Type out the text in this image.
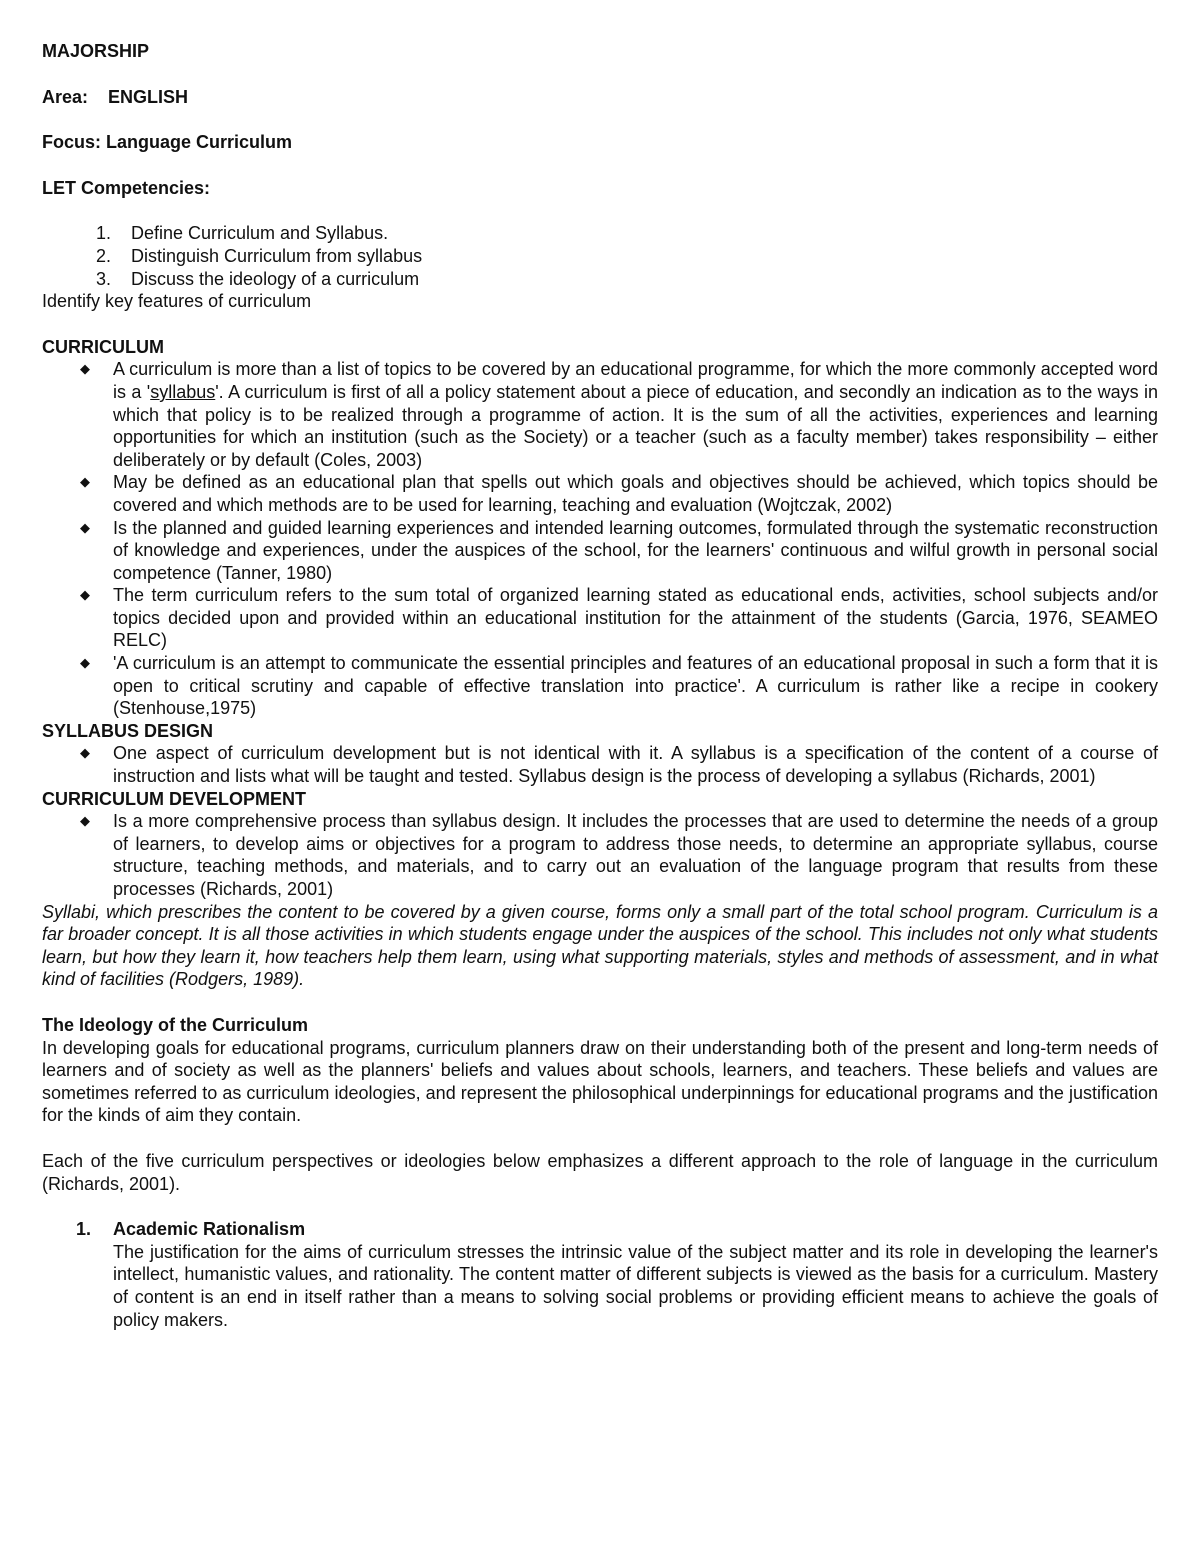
MAJORSHIP

Area: ENGLISH

Focus: Language Curriculum

LET Competencies:

1.	Define Curriculum and Syllabus.
2.	Distinguish Curriculum from syllabus
3.	Discuss the ideology of a curriculum

Identify key features of curriculum

CURRICULUM

◆	A curriculum is more than a list of topics to be covered by an educational programme, for which the more commonly accepted word is a 'syllabus'. A curriculum is first of all a policy statement about a piece of education, and secondly an indication as to the ways in which that policy is to be realized through a programme of action. It is the sum of all the activities, experiences and learning opportunities for which an institution (such as the Society) or a teacher (such as a faculty member) takes responsibility – either deliberately or by default (Coles, 2003)
◆	May be defined as an educational plan that spells out which goals and objectives should be achieved, which topics should be covered and which methods are to be used for learning, teaching and evaluation (Wojtczak, 2002)
◆	Is the planned and guided learning experiences and intended learning outcomes, formulated through the systematic reconstruction of knowledge and experiences, under the auspices of the school, for the learners' continuous and wilful growth in personal social competence (Tanner, 1980)
◆	The term curriculum refers to the sum total of organized learning stated as educational ends, activities, school subjects and/or topics decided upon and provided within an educational institution for the attainment of the students (Garcia, 1976, SEAMEO RELC)
◆	'A curriculum is an attempt to communicate the essential principles and features of an educational proposal in such a form that it is open to critical scrutiny and capable of effective translation into practice'. A curriculum is rather like a recipe in cookery (Stenhouse,1975)

SYLLABUS DESIGN

◆	One aspect of curriculum development but is not identical with it. A syllabus is a specification of the content of a course of instruction and lists what will be taught and tested. Syllabus design is the process of developing a syllabus (Richards, 2001)

CURRICULUM DEVELOPMENT

◆	Is a more comprehensive process than syllabus design. It includes the processes that are used to determine the needs of a group of learners, to develop aims or objectives for a program to address those needs, to determine an appropriate syllabus, course structure, teaching methods, and materials, and to carry out an evaluation of the language program that results from these processes (Richards, 2001)

Syllabi, which prescribes the content to be covered by a given course, forms only a small part of the total school program. Curriculum is a far broader concept. It is all those activities in which students engage under the auspices of the school. This includes not only what students learn, but how they learn it, how teachers help them learn, using what supporting materials, styles and methods of assessment, and in what kind of facilities (Rodgers, 1989).

The Ideology of the Curriculum

In developing goals for educational programs, curriculum planners draw on their understanding both of the present and long-term needs of learners and of society as well as the planners' beliefs and values about schools, learners, and teachers. These beliefs and values are sometimes referred to as curriculum ideologies, and represent the philosophical underpinnings for educational programs and the justification for the kinds of aim they contain.

Each of the five curriculum perspectives or ideologies below emphasizes a different approach to the role of language in the curriculum (Richards, 2001).

1.	Academic Rationalism
The justification for the aims of curriculum stresses the intrinsic value of the subject matter and its role in developing the learner's intellect, humanistic values, and rationality. The content matter of different subjects is viewed as the basis for a curriculum. Mastery of content is an end in itself rather than a means to solving social problems or providing efficient means to achieve the goals of policy makers.
